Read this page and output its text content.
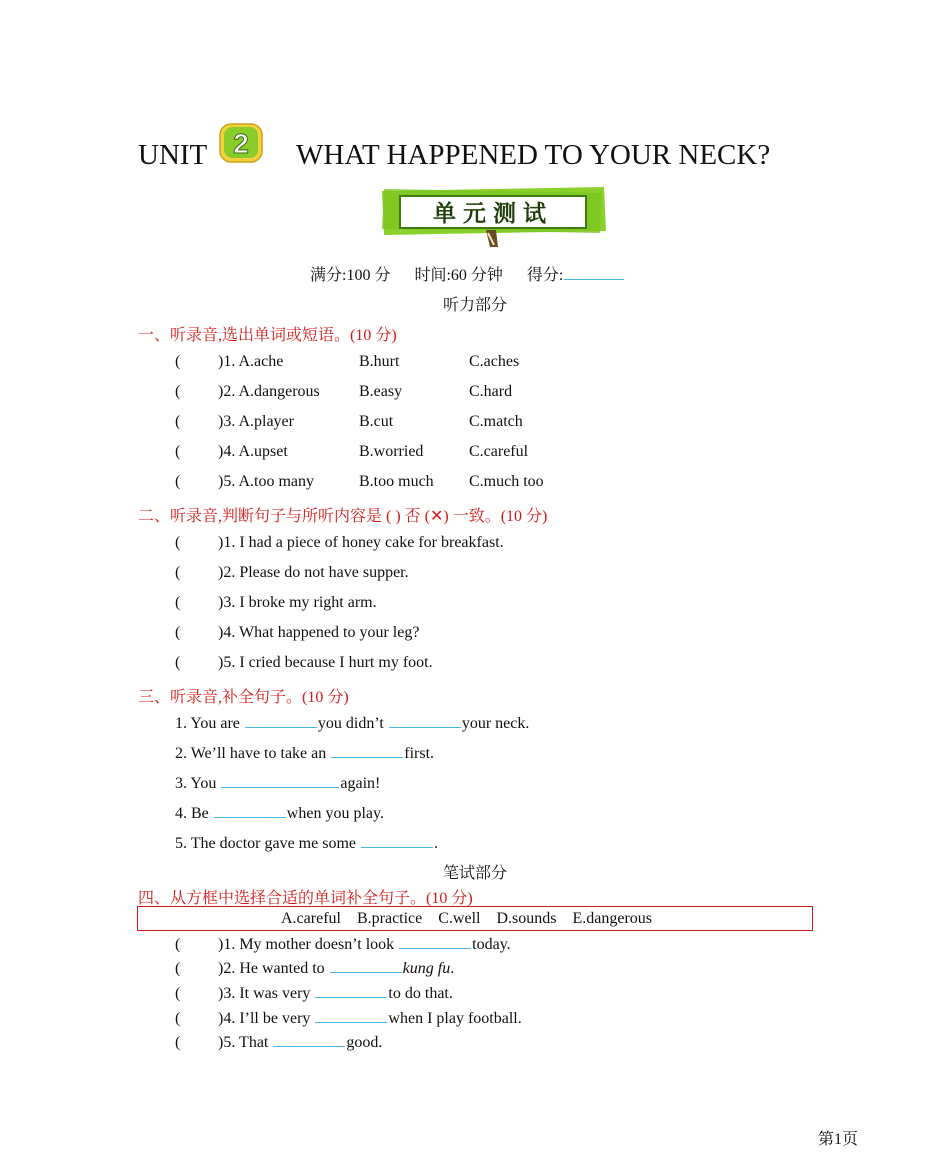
UNIT 2 WHAT HAPPENED TO YOUR NECK?
单元测试
满分:100 分 时间:60 分钟 得分:
听力部分
一、听录音,选出单词或短语。(10 分)
( )1. A.ache	B.hurt	C.aches
( )2. A.dangerous B.easy	C.hard
( )3. A.player	B.cut	C.match
( )4. A.upset	B.worried	C.careful
( )5. A.too many	B.too much C.much too
二、听录音,判断句子与所听内容是 ( ) 否 (✕) 一致。(10 分)
( )1. I had a piece of honey cake for breakfast.
( )2. Please do not have supper.
( )3. I broke my right arm.
( )4. What happened to your leg?
( )5. I cried because I hurt my foot.
三、听录音,补全句子。(10 分)
1. You are	you didn’t	your neck.
2. We’ll have to take an	first.
3. You	again!
4. Be	when you play.
5. The doctor gave me some	.
笔试部分
四、从方框中选择合适的单词补全句子。(10 分)
A.careful    B.practice    C.well    D.sounds    E.dangerous
( )1. My mother doesn’t look	today.
( )2. He wanted to	kung fu.
( )3. It was very	to do that.
( )4. I’ll be very	when I play football.
( )5. That	good.
第1页
